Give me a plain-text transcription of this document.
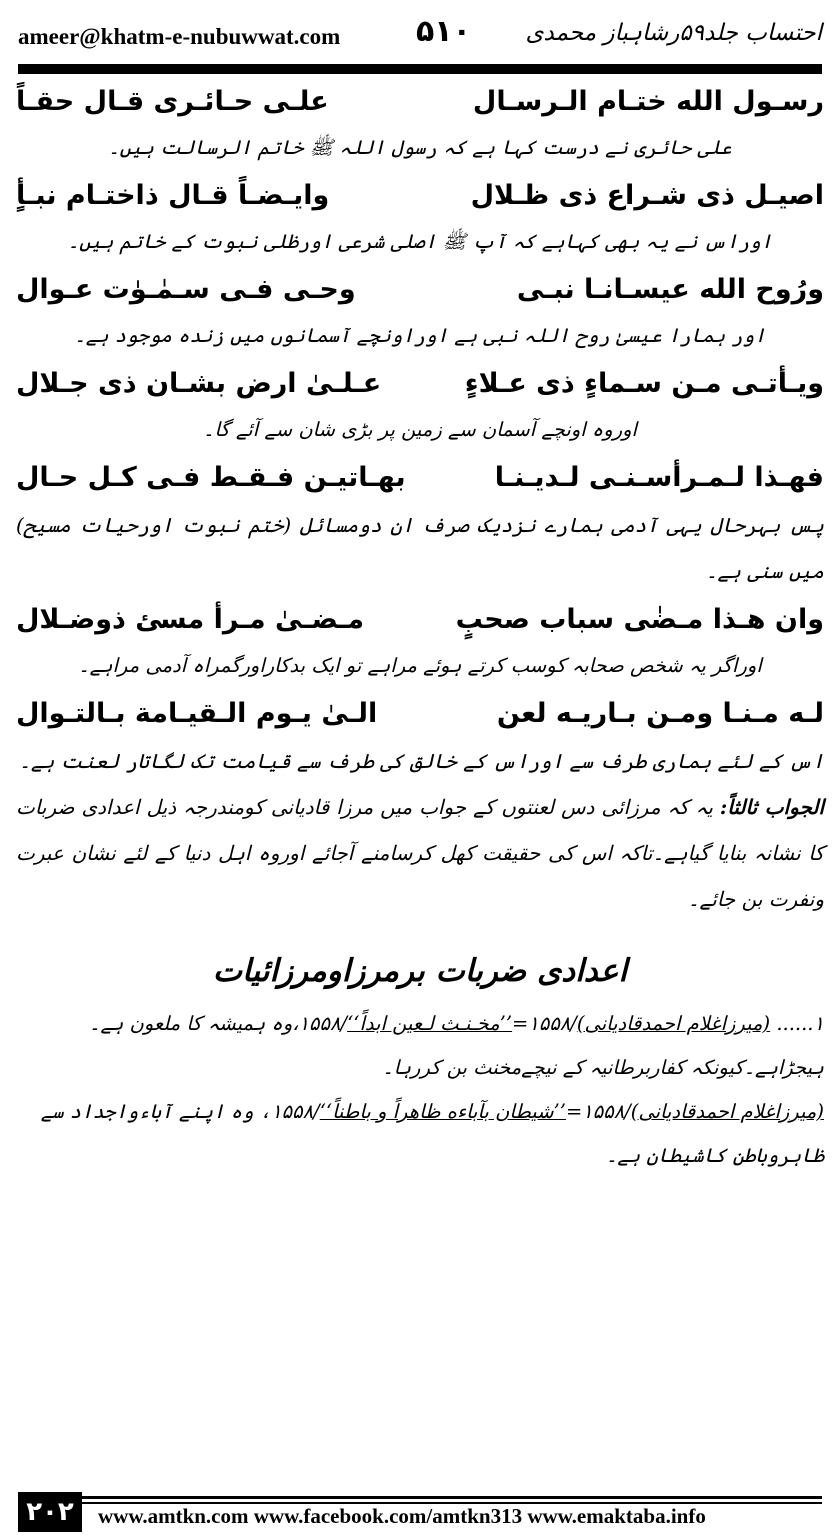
ameer@khatm-e-nubuwwat.com	۵۱۰ احتساب جلد۵۹رشاہباز محمدی
رسـول الله ختـام الـرسـال
علـى حـائـرى قـال حقـاً
علی حائری نے درست کہا ہے کہ رسول اللہ ﷺ خاتم الرسالت ہیں۔
اصيـل ذى شـراع ذى ظـلال
وايـضـاً قـال ذاختـام نبـأٍ
اوراس نے یہ بھی کہاہے کہ آپ ﷺ اصلی شرعی اورظلی نبوت کے خاتم ہیں۔
ورُوح الله عيسـانـا نبـى
وحـى فـى سـمٰـوٰت عـوال
اور ہمارا عیسیٰ روح اللہ نبی ہے اوراونچے آسمانوں میں زندہ موجود ہے۔
ويـأتـى مـن سـماءٍ ذى عـلاءٍ
عـلـىٰ ارض بشـان ذى جـلال
اوروہ اونچے آسمان سے زمین پر بڑی شان سے آئے گا۔
فهـذا لـمـرأسـنـى لـديـنـا
بهـاتيـن فـقـط فـى كـل حـال
پس بہرحال یہی آدمی ہمارے نزدیک صرف ان دومسائل (ختم نبوت اورحیات مسیح) میں سنی ہے۔
وان هـذا مـضٰى سباب صحبٍ
مـضـىٰ مـرأ مسئ ذوضـلال
اوراگر یہ شخص صحابہ کوسب کرتے ہوئے مراہے تو ایک بدکاراورگمراہ آدمی مراہے۔
لـه مـنـا ومـن بـاريـه لعن
الـىٰ يـوم الـقيـامة بـالتـوال
اس کے لئے ہماری طرف سے اوراس کے خالق کی طرف سے قیامت تک لگاتار لعنت ہے۔
الجواب ثالثاً: یہ کہ مرزائی دس لعنتوں کے جواب میں مرزا قادیانی کومندرجہ ذیل اعدادی ضربات کا نشانہ بنایا گیاہے۔تاکہ اس کی حقیقت کھل کرسامنے آجائے اوروہ اہل دنیا کے لئے نشان عبرت ونفرت بن جائے۔
اعدادی ضربات برمرزاومرزائیات
۱...... (میرزاغلام احمدقادیانی)/۱۵۵۸=’’مخـنـث لـعين ابداً‘‘/۱۵۵۸،وہ ہمیشہ کا ملعون ہے۔ہیجڑاہے۔کیونکہ کفاربرطانیہ کے نیچےمخنث بن کررہا۔
(میرزاغلام احمدقادیانی)/۱۵۵۸=’’شيطان بآباءه ظاهراً و باطناً‘‘/۱۵۵۸، وہ اپنے آباءواجداد سے ظاہروباطن کاشیطان ہے۔
۲۰۲	www.amtkn.com www.facebook.com/amtkn313 www.emaktaba.info
